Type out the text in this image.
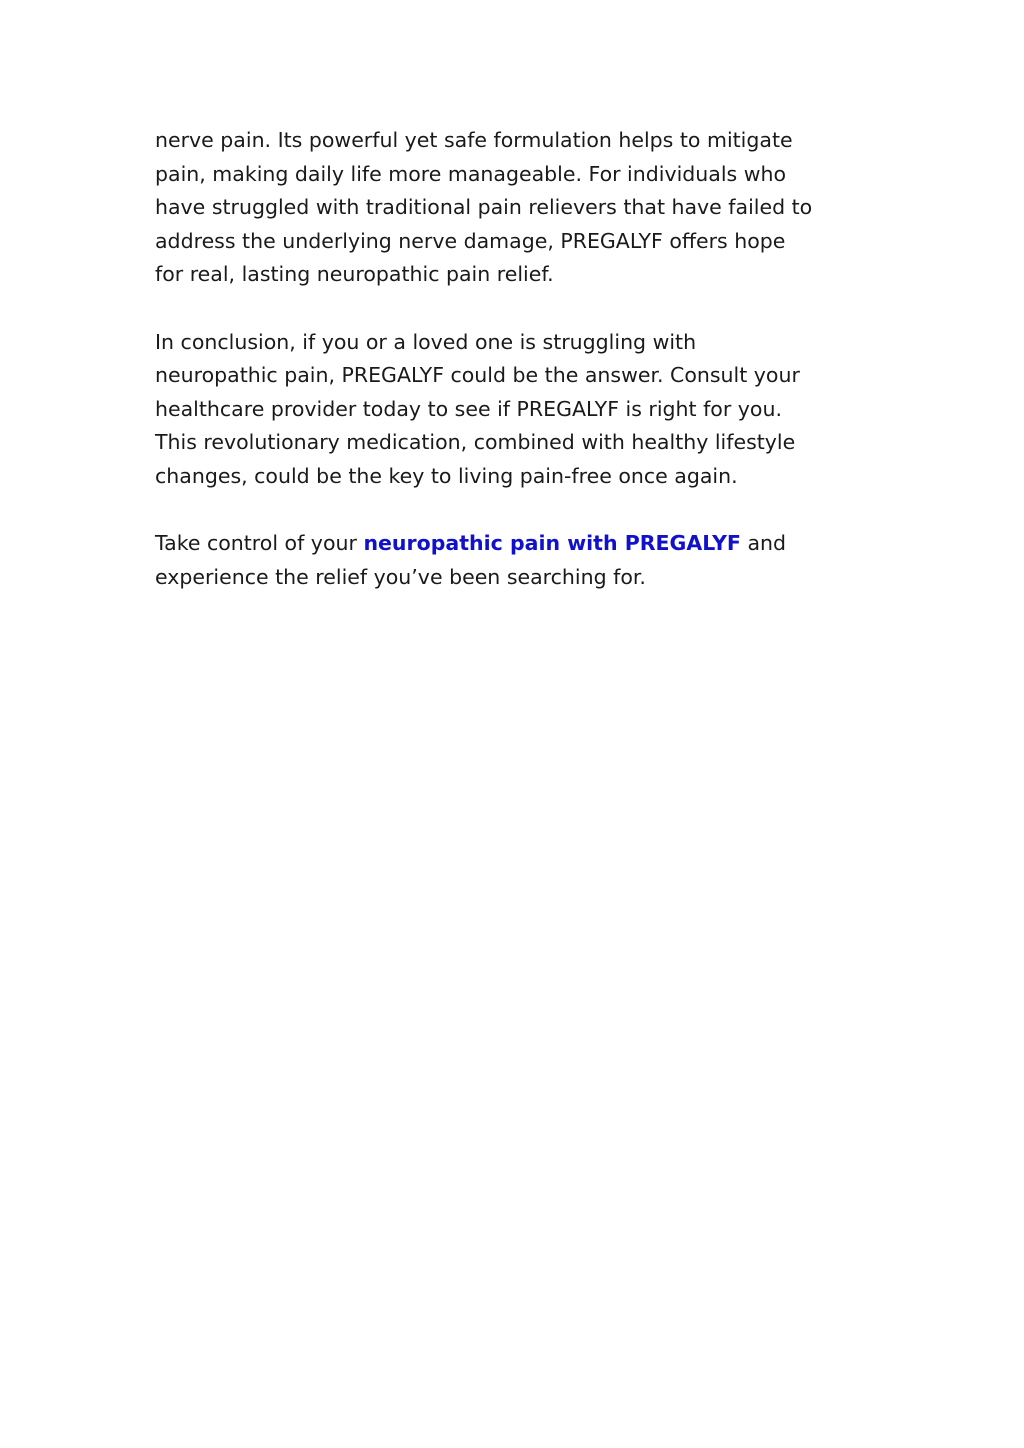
nerve pain. Its powerful yet safe formulation helps to mitigate
pain, making daily life more manageable. For individuals who
have struggled with traditional pain relievers that have failed to
address the underlying nerve damage, PREGALYF offers hope
for real, lasting neuropathic pain relief.

In conclusion, if you or a loved one is struggling with
neuropathic pain, PREGALYF could be the answer. Consult your
healthcare provider today to see if PREGALYF is right for you.
This revolutionary medication, combined with healthy lifestyle
changes, could be the key to living pain-free once again.

Take control of your neuropathic pain with PREGALYF and
experience the relief you’ve been searching for.
